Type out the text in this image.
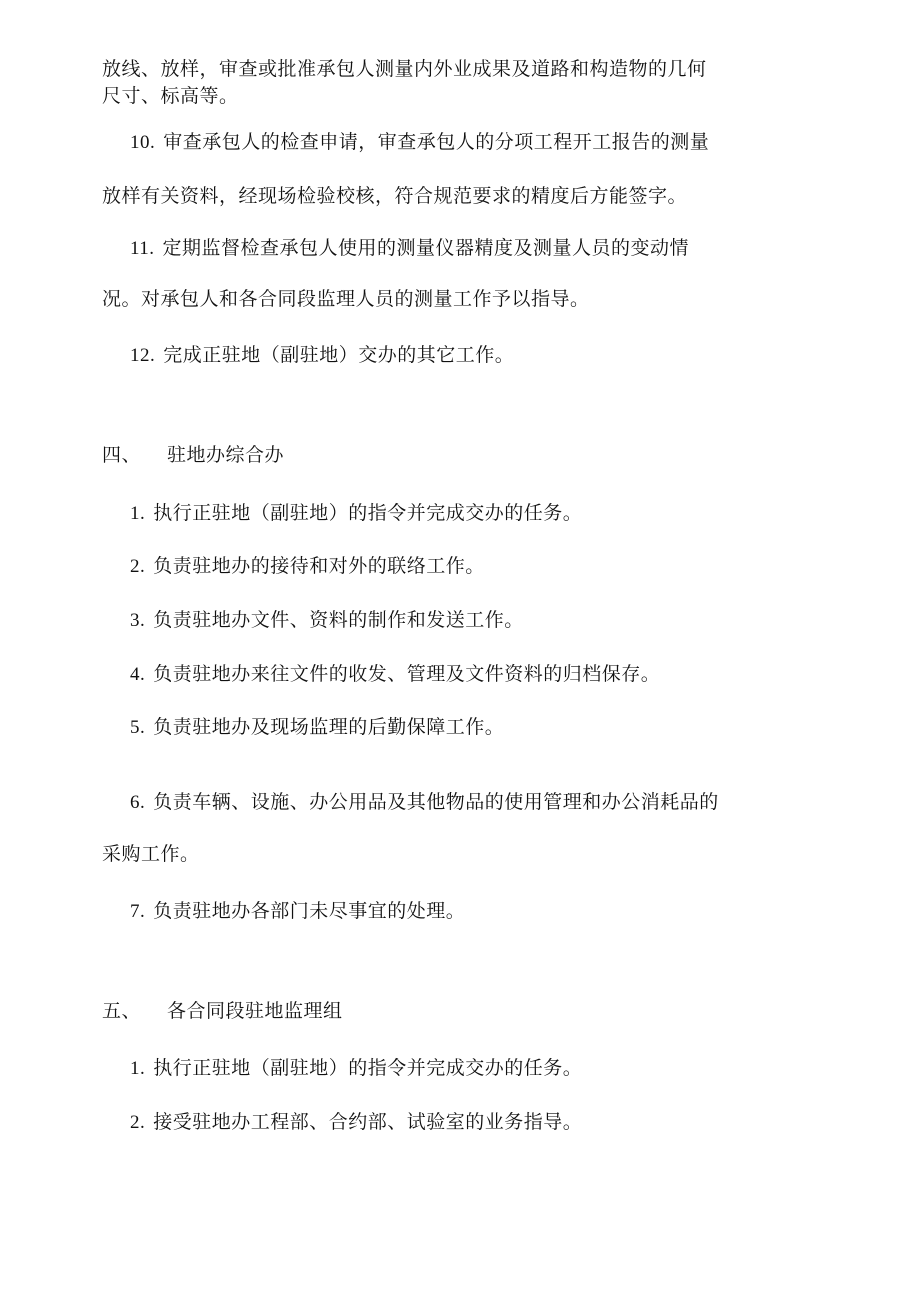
放线、放样，审查或批准承包人测量内外业成果及道路和构造物的几何
尺寸、标高等。
10. 审查承包人的检查申请，审查承包人的分项工程开工报告的测量
放样有关资料，经现场检验校核，符合规范要求的精度后方能签字。
11. 定期监督检查承包人使用的测量仪器精度及测量人员的变动情
况。对承包人和各合同段监理人员的测量工作予以指导。
12. 完成正驻地（副驻地）交办的其它工作。
四、 驻地办综合办
1. 执行正驻地（副驻地）的指令并完成交办的任务。
2. 负责驻地办的接待和对外的联络工作。
3. 负责驻地办文件、资料的制作和发送工作。
4. 负责驻地办来往文件的收发、管理及文件资料的归档保存。
5. 负责驻地办及现场监理的后勤保障工作。
6. 负责车辆、设施、办公用品及其他物品的使用管理和办公消耗品的
采购工作。
7. 负责驻地办各部门未尽事宜的处理。
五、 各合同段驻地监理组
1. 执行正驻地（副驻地）的指令并完成交办的任务。
2. 接受驻地办工程部、合约部、试验室的业务指导。
